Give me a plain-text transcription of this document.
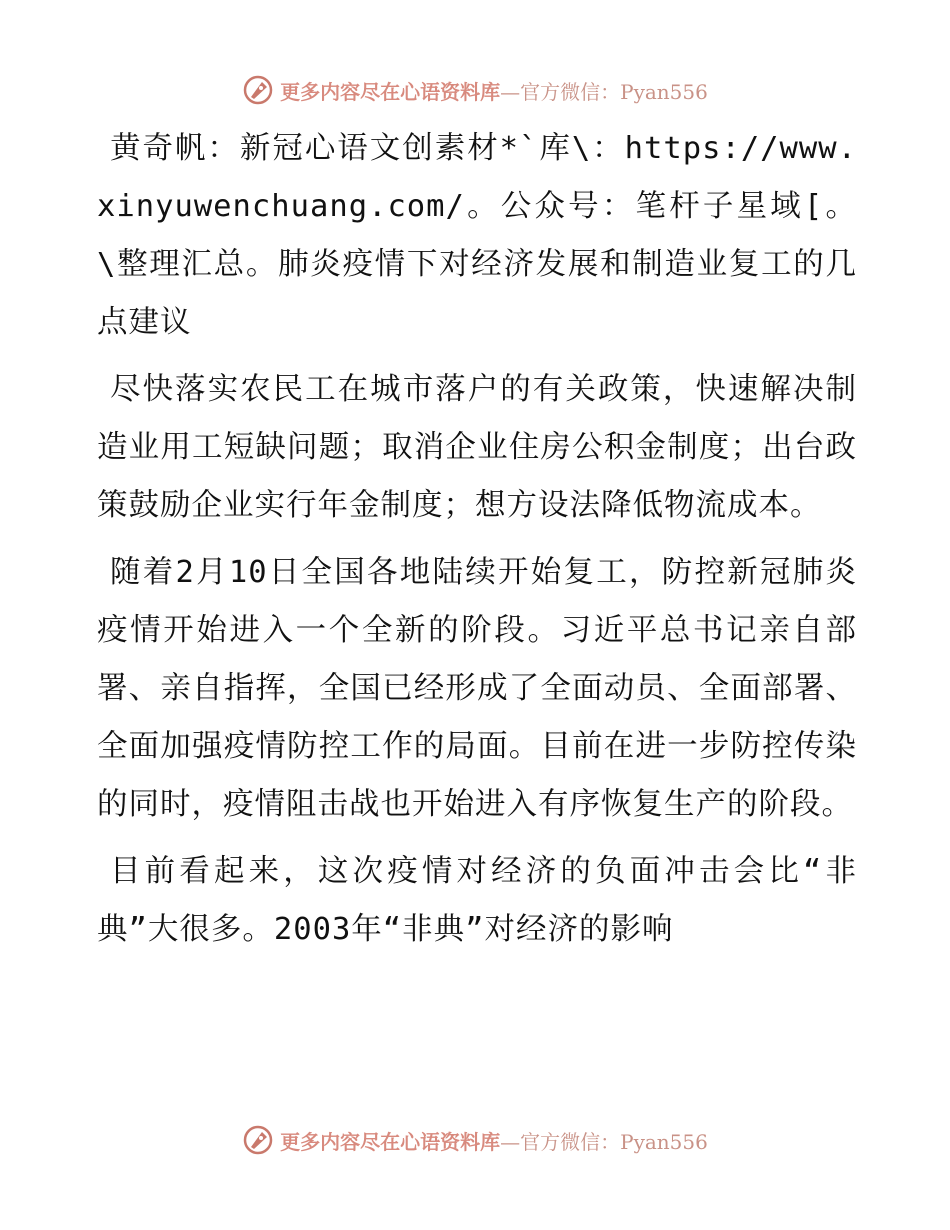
更多内容尽在心语资料库—官方微信：Pyan556

黄奇帆：新冠心语文创素材*`库\：https://www.xinyuwenchuang.com/。公众号：笔杆子星域[。\整理汇总。肺炎疫情下对经济发展和制造业复工的几点建议

尽快落实农民工在城市落户的有关政策，快速解决制造业用工短缺问题；取消企业住房公积金制度；出台政策鼓励企业实行年金制度；想方设法降低物流成本。

随着2月10日全国各地陆续开始复工，防控新冠肺炎疫情开始进入一个全新的阶段。习近平总书记亲自部署、亲自指挥，全国已经形成了全面动员、全面部署、全面加强疫情防控工作的局面。目前在进一步防控传染的同时，疫情阻击战也开始进入有序恢复生产的阶段。

目前看起来，这次疫情对经济的负面冲击会比“非典”大很多。2003年“非典”对经济的影响

更多内容尽在心语资料库—官方微信：Pyan556
